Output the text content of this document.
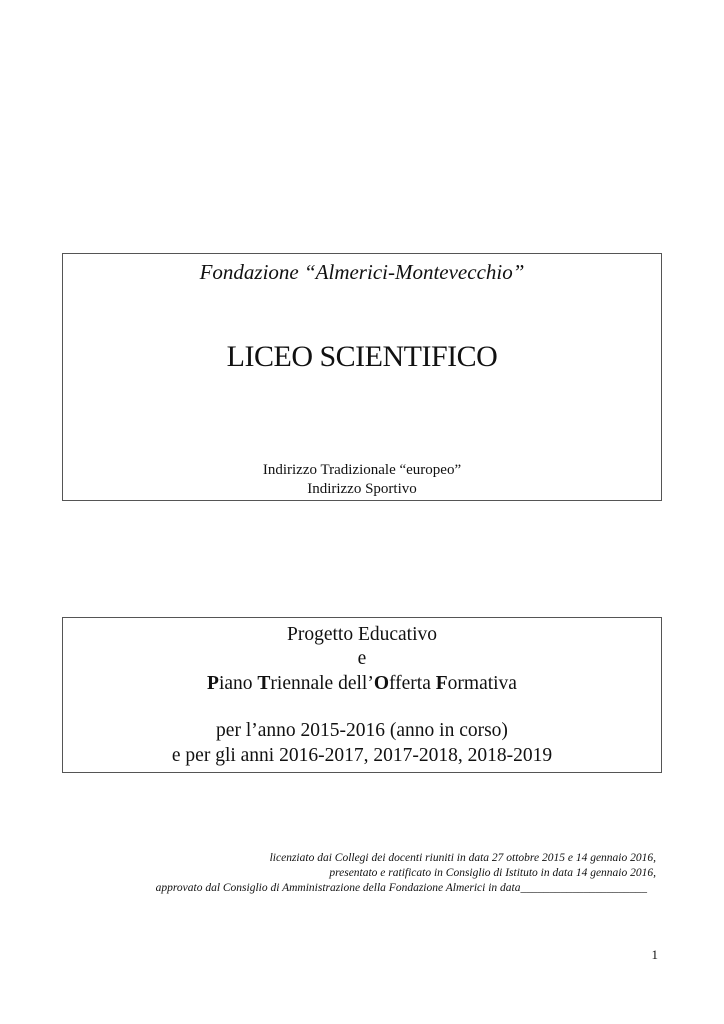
Fondazione “Almerici-Montevecchio”
LICEO SCIENTIFICO
Indirizzo Tradizionale “europeo”
Indirizzo Sportivo
Progetto Educativo
e
Piano Triennale dell’Offerta Formativa
per l’anno 2015-2016 (anno in corso)
e per gli anni 2016-2017, 2017-2018, 2018-2019
licenziato dai Collegi dei docenti riuniti in data 27 ottobre 2015 e 14 gennaio 2016,
presentato e ratificato in Consiglio di Istituto in data 14 gennaio 2016,
approvato dal Consiglio di Amministrazione della Fondazione Almerici in data______________________
1
